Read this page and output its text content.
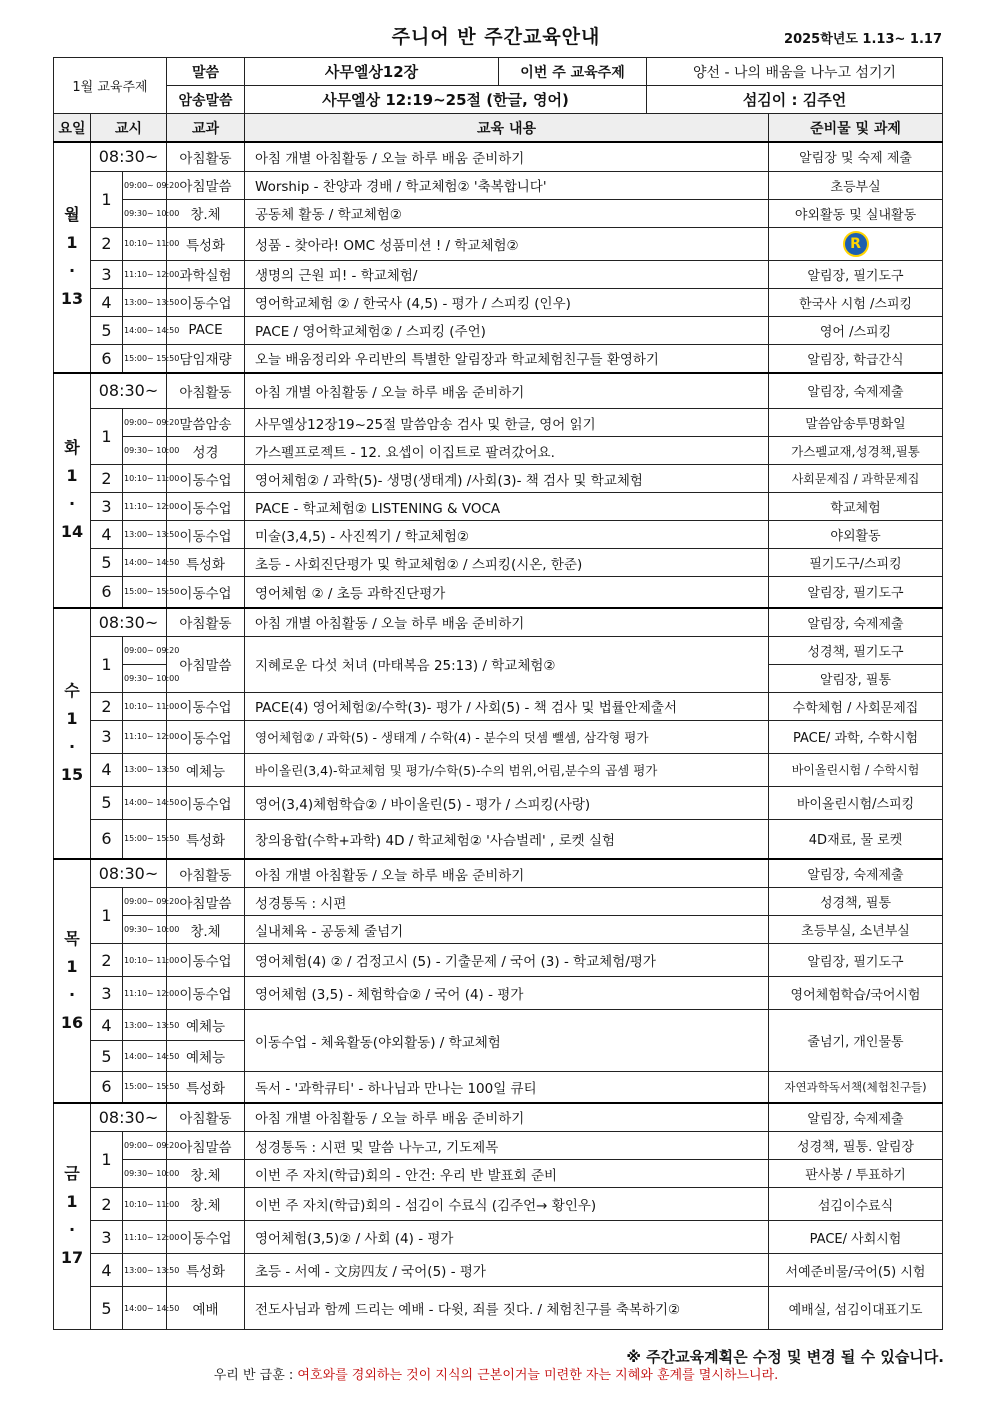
주니어 반 주간교육안내	2025학년도 1.13~ 1.17
1월 교육주제			말씀	사무엘상12장	이번 주 교육주제	양선 - 나의 배움을 나누고 섬기기	
			암송말씀	사무엘상 12:19~25절 (한글, 영어)		섬김이 : 김주언	
요일	교시		교과	교육 내용			준비물 및 과제

월
1
·
13	08:30~		아침활동	아침 개별 아침활동 / 오늘 하루 배움 준비하기			알림장 및 숙제 제출
	1	09:00~ 09:20	아침말씀	Worship - 찬양과 경배 / 학교체험② '축복합니다'			초등부실
		09:30~ 10:00	창.체	공동체 활동 / 학교체험②			야외활동 및 실내활동
	2	10:10~ 11:00	특성화	성품 - 찾아라! OMC 성품미션 ! / 학교체험②			R
	3	11:10~ 12:00	과학실험	생명의 근원 피! - 학교체험/			알림장, 필기도구
	4	13:00~ 13:50	이동수업	영어학교체험 ② / 한국사 (4,5) - 평가 / 스피킹 (인우)			한국사 시험 /스피킹
	5	14:00~ 14:50	PACE	PACE / 영어학교체험② / 스피킹 (주언)			영어 /스피킹
	6	15:00~ 15:50	담임재량	오늘 배움정리와 우리반의 특별한 알림장과 학교체험친구들 환영하기			알림장, 학급간식

화
1
·
14	08:30~		아침활동	아침 개별 아침활동 / 오늘 하루 배움 준비하기			알림장, 숙제제출
	1	09:00~ 09:20	말씀암송	사무엘상12장19~25절 말씀암송 검사 및 한글, 영어 읽기			말씀암송투명화일
		09:30~ 10:00	성경	가스펠프로젝트 - 12. 요셉이 이집트로 팔려갔어요.			가스펠교재,성경책,필통
	2	10:10~ 11:00	이동수업	영어체험② / 과학(5)- 생명(생태계) /사회(3)- 책 검사 및 학교체험			사회문제집 / 과학문제집
	3	11:10~ 12:00	이동수업	PACE - 학교체험② LISTENING & VOCA			학교체험
	4	13:00~ 13:50	이동수업	미술(3,4,5) - 사진찍기 / 학교체험②			야외활동
	5	14:00~ 14:50	특성화	초등 - 사회진단평가 및 학교체험② / 스피킹(시온, 한준)			필기도구/스피킹
	6	15:00~ 15:50	이동수업	영어체험 ② / 초등 과학진단평가			알림장, 필기도구

수
1
·
15	08:30~		아침활동	아침 개별 아침활동 / 오늘 하루 배움 준비하기			알림장, 숙제제출
	1	09:00~ 09:20	아침말씀	지혜로운 다섯 처녀 (마태복음 25:13) / 학교체험②			성경책, 필기도구
		09:30~ 10:00					알림장, 필통
	2	10:10~ 11:00	이동수업	PACE(4) 영어체험②/수학(3)- 평가 / 사회(5) - 책 검사 및 법률안제출서			수학체험 / 사회문제집
	3	11:10~ 12:00	이동수업	영어체험② / 과학(5) - 생태계 / 수학(4) - 분수의 덧셈 뺄셈, 삼각형 평가			PACE/ 과학, 수학시험
	4	13:00~ 13:50	예체능	바이올린(3,4)-학교체험 및 평가/수학(5)-수의 범위,어림,분수의 곱셈 평가			바이올린시험 / 수학시험
	5	14:00~ 14:50	이동수업	영어(3,4)체험학습② / 바이올린(5) - 평가 / 스피킹(사랑)			바이올린시험/스피킹
	6	15:00~ 15:50	특성화	창의융합(수학+과학) 4D / 학교체험② '사슴벌레' , 로켓 실험			4D재료, 물 로켓

목
1
·
16	08:30~		아침활동	아침 개별 아침활동 / 오늘 하루 배움 준비하기			알림장, 숙제제출
	1	09:00~ 09:20	아침말씀	성경통독 : 시편			성경책, 필통
		09:30~ 10:00	창.체	실내체육 - 공동체 줄넘기			초등부실, 소년부실
	2	10:10~ 11:00	이동수업	영어체험(4) ② / 검정고시 (5) - 기출문제 / 국어 (3) - 학교체험/평가			알림장, 필기도구
	3	11:10~ 12:00	이동수업	영어체험 (3,5) - 체험학습② / 국어 (4) - 평가			영어체험학습/국어시험
	4	13:00~ 13:50	예체능	이동수업 - 체육활동(야외활동) / 학교체험			줄넘기, 개인물통
	5	14:00~ 14:50	예체능				
	6	15:00~ 15:50	특성화	독서 - '과학큐티' - 하나님과 만나는 100일 큐티			자연과학독서책(체험친구들)

금
1
·
17	08:30~		아침활동	아침 개별 아침활동 / 오늘 하루 배움 준비하기			알림장, 숙제제출
	1	09:00~ 09:20	아침말씀	성경통독 : 시편 및 말씀 나누고, 기도제목			성경책, 필통. 알림장
		09:30~ 10:00	창.체	이번 주 자치(학급)회의 - 안건: 우리 반 발표회 준비			판사봉 / 투표하기
	2	10:10~ 11:00	창.체	이번 주 자치(학급)회의 - 섬김이 수료식 (김주언→ 황인우)			섬김이수료식
	3	11:10~ 12:00	이동수업	영어체험(3,5)② / 사회 (4) - 평가			PACE/ 사회시험
	4	13:00~ 13:50	특성화	초등 - 서예 - 文房四友 / 국어(5) - 평가			서예준비물/국어(5) 시험
	5	14:00~ 14:50	예배	전도사님과 함께 드리는 예배 - 다윗, 죄를 짓다. / 체험친구를 축복하기②			예배실, 섬김이대표기도
※ 주간교육계획은 수정 및 변경 될 수 있습니다.
우리 반 급훈 : 여호와를 경외하는 것이 지식의 근본이거늘 미련한 자는 지혜와 훈계를 멸시하느니라.
